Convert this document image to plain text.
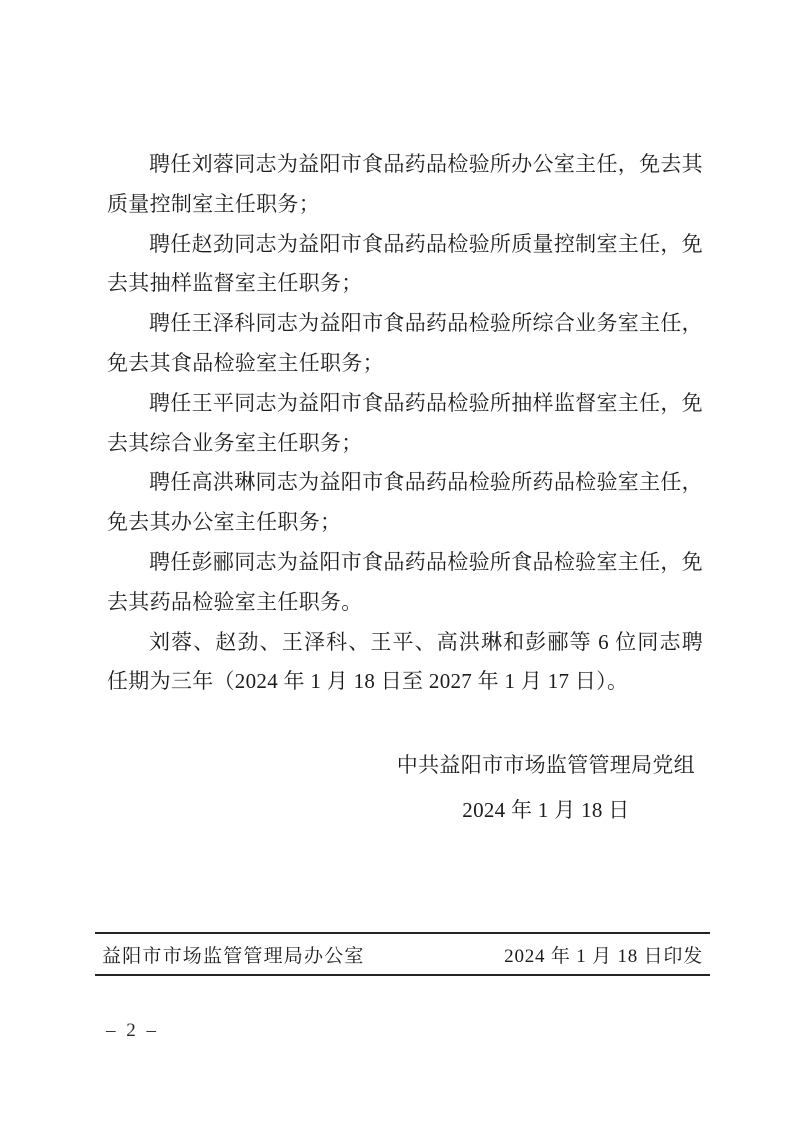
聘任刘蓉同志为益阳市食品药品检验所办公室主任，免去其质量控制室主任职务；

聘任赵劲同志为益阳市食品药品检验所质量控制室主任，免去其抽样监督室主任职务；

聘任王泽科同志为益阳市食品药品检验所综合业务室主任，免去其食品检验室主任职务；

聘任王平同志为益阳市食品药品检验所抽样监督室主任，免去其综合业务室主任职务；

聘任高洪琳同志为益阳市食品药品检验所药品检验室主任，免去其办公室主任职务；

聘任彭郦同志为益阳市食品药品检验所食品检验室主任，免去其药品检验室主任职务。

刘蓉、赵劲、王泽科、王平、高洪琳和彭郦等 6 位同志聘任期为三年（2024 年 1 月 18 日至 2027 年 1 月 17 日）。

中共益阳市市场监管管理局党组
2024 年 1 月 18 日
益阳市市场监管管理局办公室	2024 年 1 月 18 日印发
– 2 –
